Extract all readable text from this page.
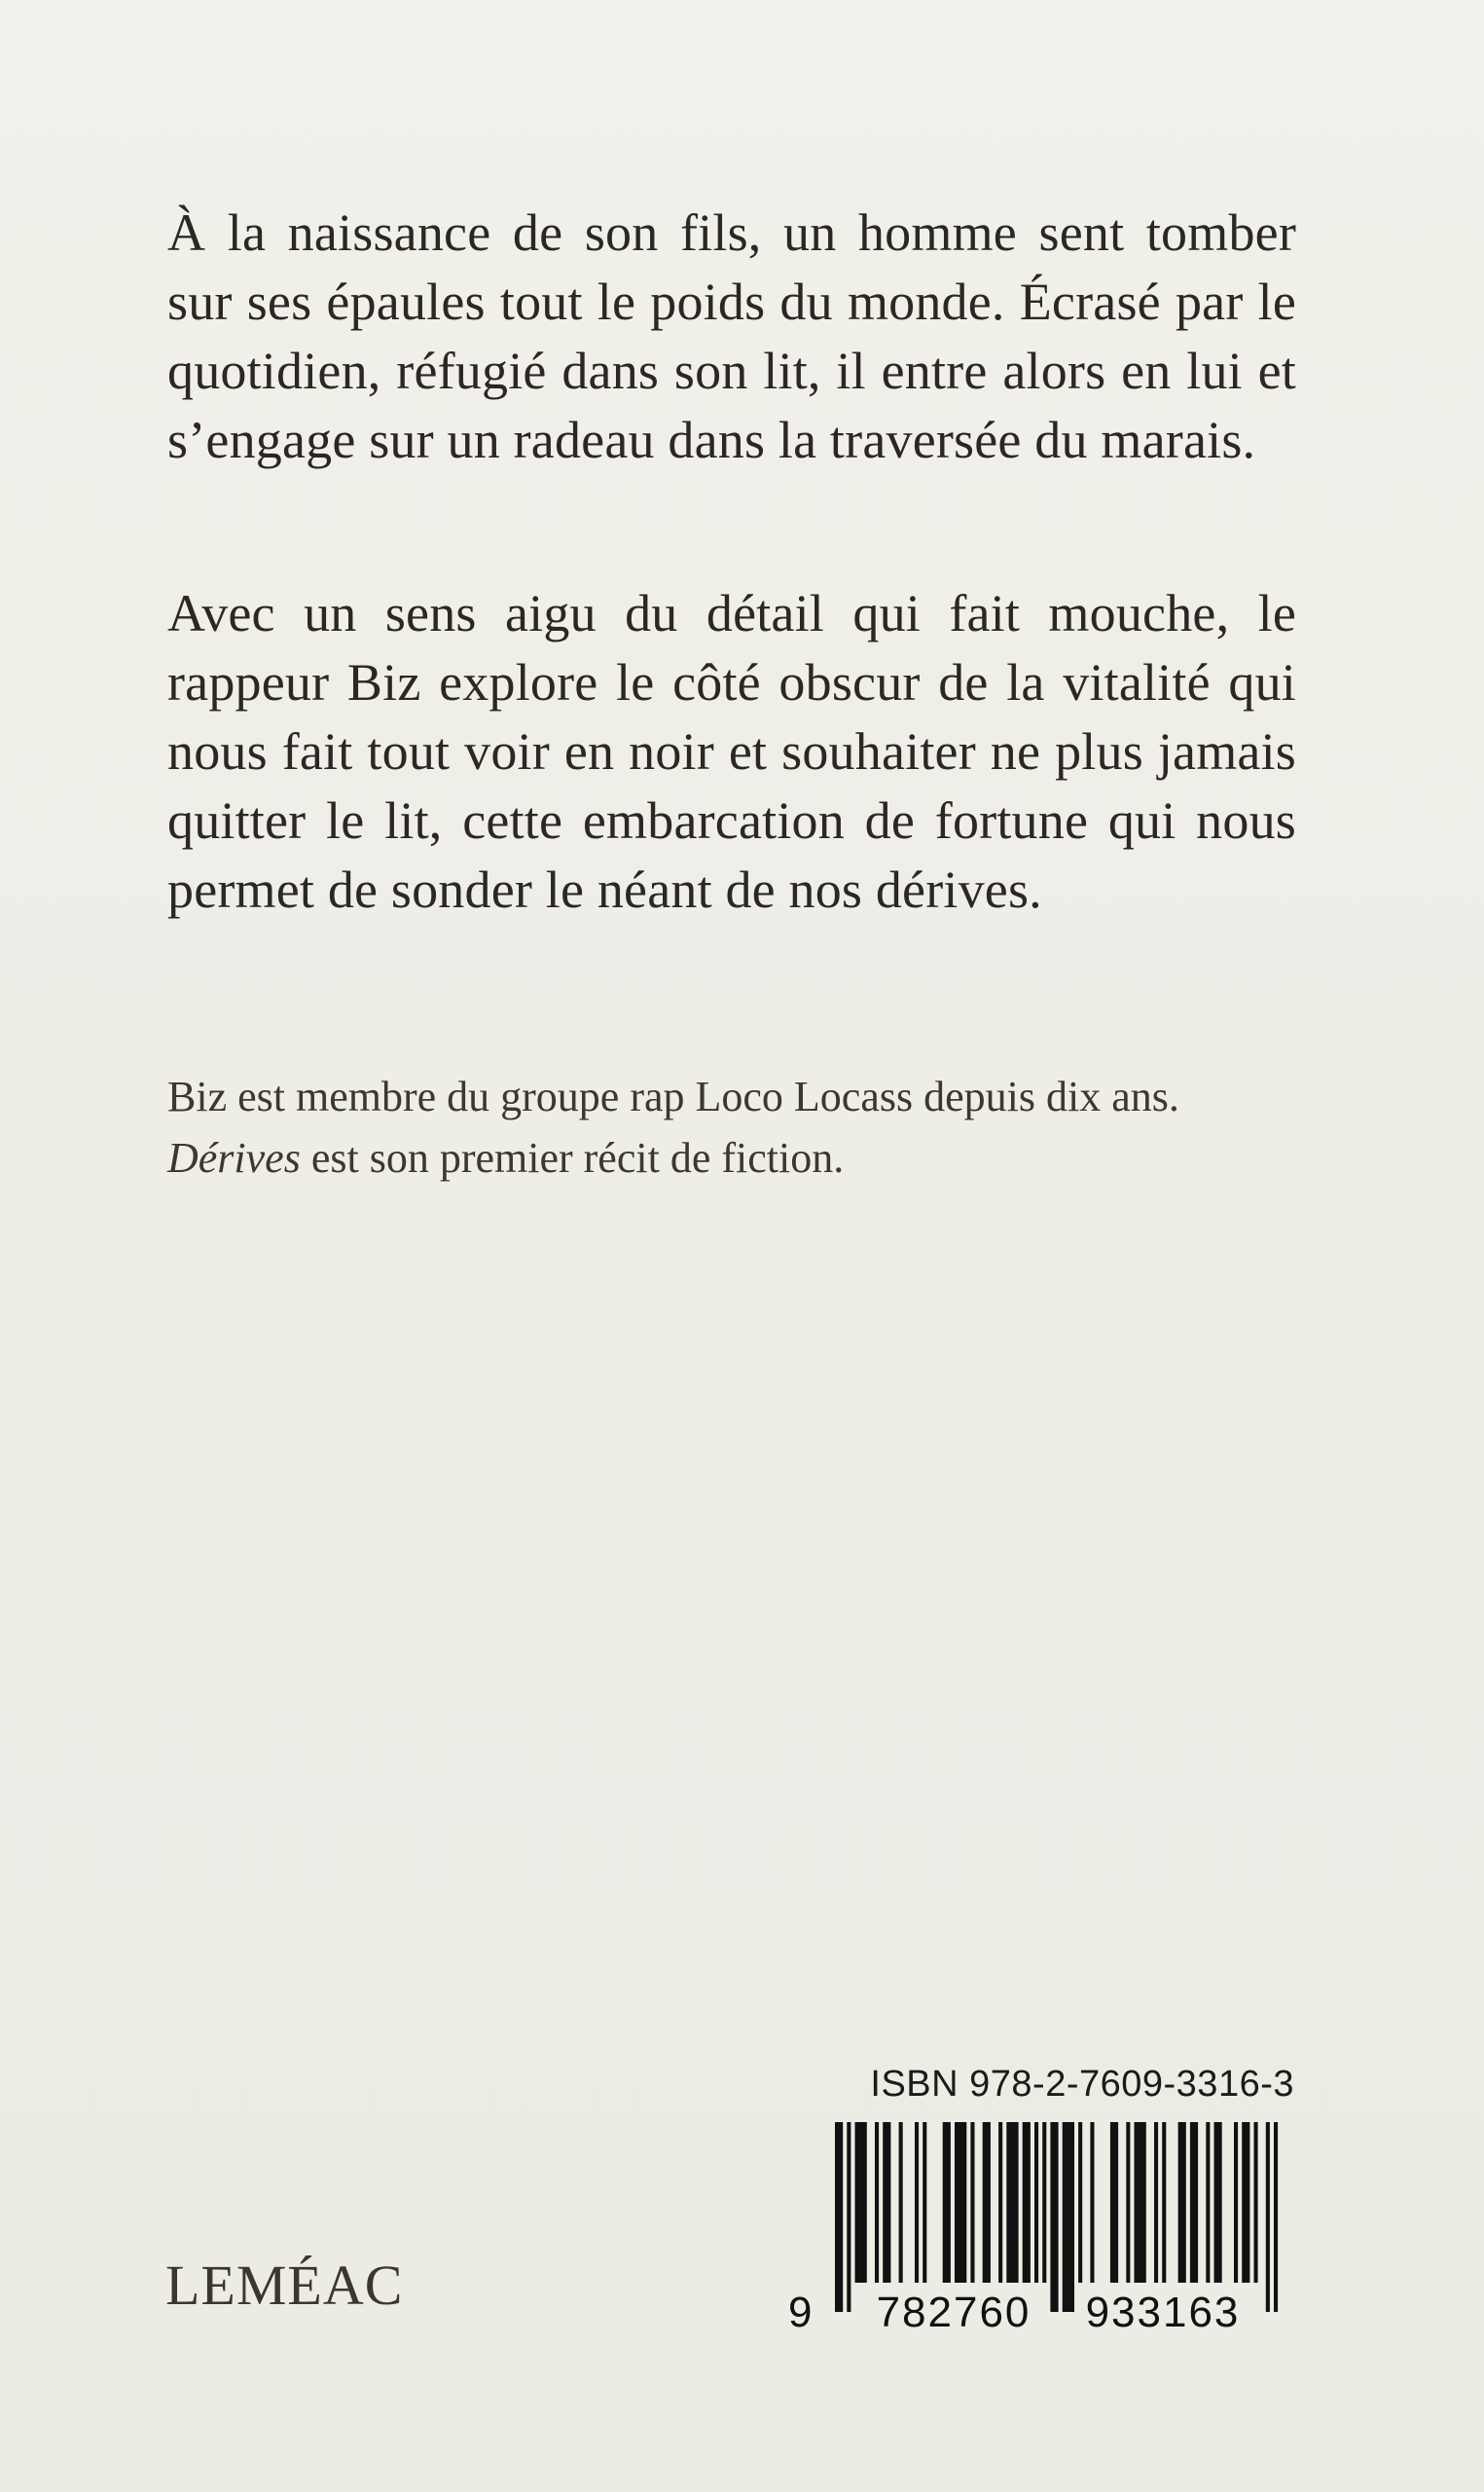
À la naissance de son fils, un homme sent tomber sur ses épaules tout le poids du monde. Écrasé par le quotidien, réfugié dans son lit, il entre alors en lui et s’engage sur un radeau dans la traversée du marais.

Avec un sens aigu du détail qui fait mouche, le rappeur Biz explore le côté obscur de la vitalité qui nous fait tout voir en noir et souhaiter ne plus jamais quitter le lit, cette embarcation de fortune qui nous permet de sonder le néant de nos dérives.

Biz est membre du groupe rap Loco Locass depuis dix ans. Dérives est son premier récit de fiction.

LEMÉAC
ISBN 978-2-7609-3316-3
9 782760 933163
